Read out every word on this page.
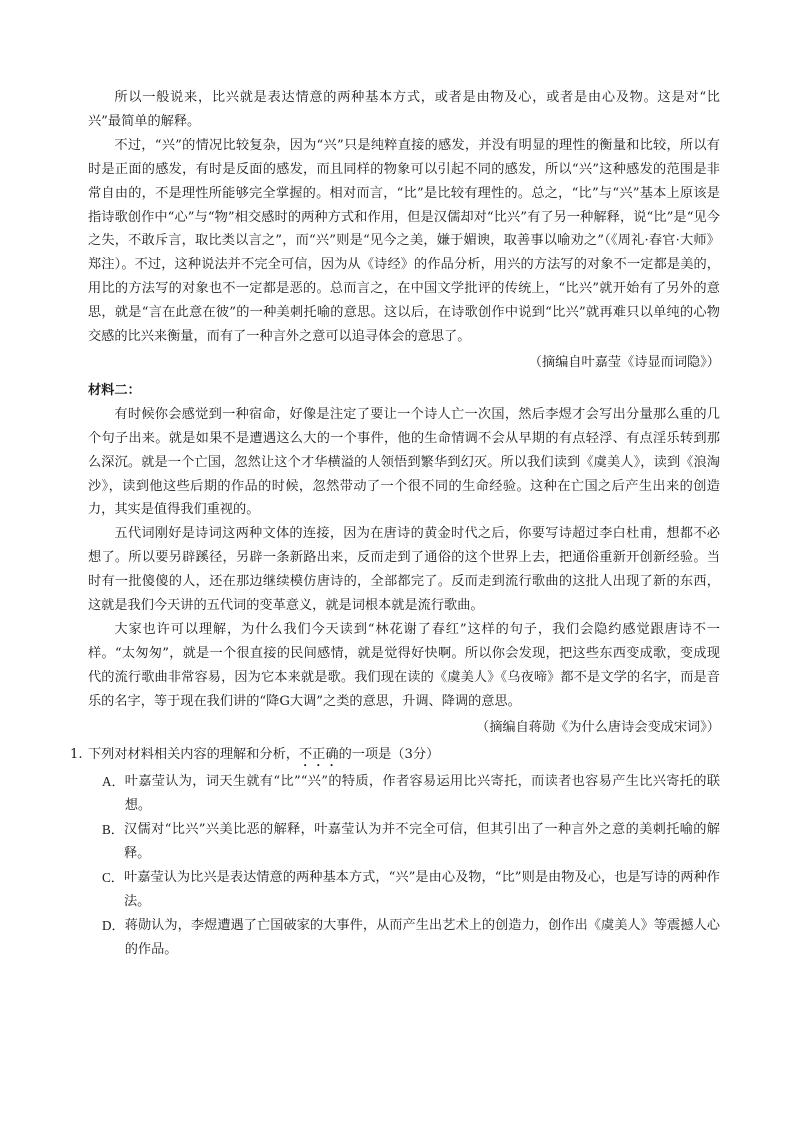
所以一般说来，比兴就是表达情意的两种基本方式，或者是由物及心，或者是由心及物。这是对“比兴”最简单的解释。

不过，“兴”的情况比较复杂，因为“兴”只是纯粹直接的感发，并没有明显的理性的衡量和比较，所以有时是正面的感发，有时是反面的感发，而且同样的物象可以引起不同的感发，所以“兴”这种感发的范围是非常自由的，不是理性所能够完全掌握的。相对而言，“比”是比较有理性的。总之，“比”与“兴”基本上原该是指诗歌创作中“心”与“物”相交感时的两种方式和作用，但是汉儒却对“比兴”有了另一种解释，说“比”是“见今之失，不敢斥言，取比类以言之”，而“兴”则是“见今之美，嫌于媚谀，取善事以喻劝之”（《周礼·春官·大师》郑注）。不过，这种说法并不完全可信，因为从《诗经》的作品分析，用兴的方法写的对象不一定都是美的，用比的方法写的对象也不一定都是恶的。总而言之，在中国文学批评的传统上，“比兴”就开始有了另外的意思，就是“言在此意在彼”的一种美刺托喻的意思。这以后，在诗歌创作中说到“比兴”就再难只以单纯的心物交感的比兴来衡量，而有了一种言外之意可以追寻体会的意思了。

（摘编自叶嘉莹《诗显而词隐》）

材料二：

有时候你会感觉到一种宿命，好像是注定了要让一个诗人亡一次国，然后李煜才会写出分量那么重的几个句子出来。就是如果不是遭遇这么大的一个事件，他的生命情调不会从早期的有点轻浮、有点淫乐转到那么深沉。就是一个亡国，忽然让这个才华横溢的人领悟到繁华到幻灭。所以我们读到《虞美人》，读到《浪淘沙》，读到他这些后期的作品的时候，忽然带动了一个很不同的生命经验。这种在亡国之后产生出来的创造力，其实是值得我们重视的。

五代词刚好是诗词这两种文体的连接，因为在唐诗的黄金时代之后，你要写诗超过李白杜甫，想都不必想了。所以要另辟蹊径，另辟一条新路出来，反而走到了通俗的这个世界上去，把通俗重新开创新经验。当时有一批傻傻的人，还在那边继续模仿唐诗的，全部都完了。反而走到流行歌曲的这批人出现了新的东西，这就是我们今天讲的五代词的变革意义，就是词根本就是流行歌曲。

大家也许可以理解，为什么我们今天读到“林花谢了春红”这样的句子，我们会隐约感觉跟唐诗不一样。“太匆匆”，就是一个很直接的民间感情，就是觉得好快啊。所以你会发现，把这些东西变成歌，变成现代的流行歌曲非常容易，因为它本来就是歌。我们现在读的《虞美人》《乌夜啼》都不是文学的名字，而是音乐的名字，等于现在我们讲的“降G大调”之类的意思，升调、降调的意思。

（摘编自蒋勋《为什么唐诗会变成宋词》）

1. 下列对材料相关内容的理解和分析，不正确的一项是（3分）

A． 叶嘉莹认为，词天生就有“比”“兴”的特质，作者容易运用比兴寄托，而读者也容易产生比兴寄托的联想。
B． 汉儒对“比兴”兴美比恶的解释，叶嘉莹认为并不完全可信，但其引出了一种言外之意的美刺托喻的解释。
C． 叶嘉莹认为比兴是表达情意的两种基本方式，“兴”是由心及物，“比”则是由物及心，也是写诗的两种作法。
D． 蒋勋认为，李煜遭遇了亡国破家的大事件，从而产生出艺术上的创造力，创作出《虞美人》等震撼人心的作品。
